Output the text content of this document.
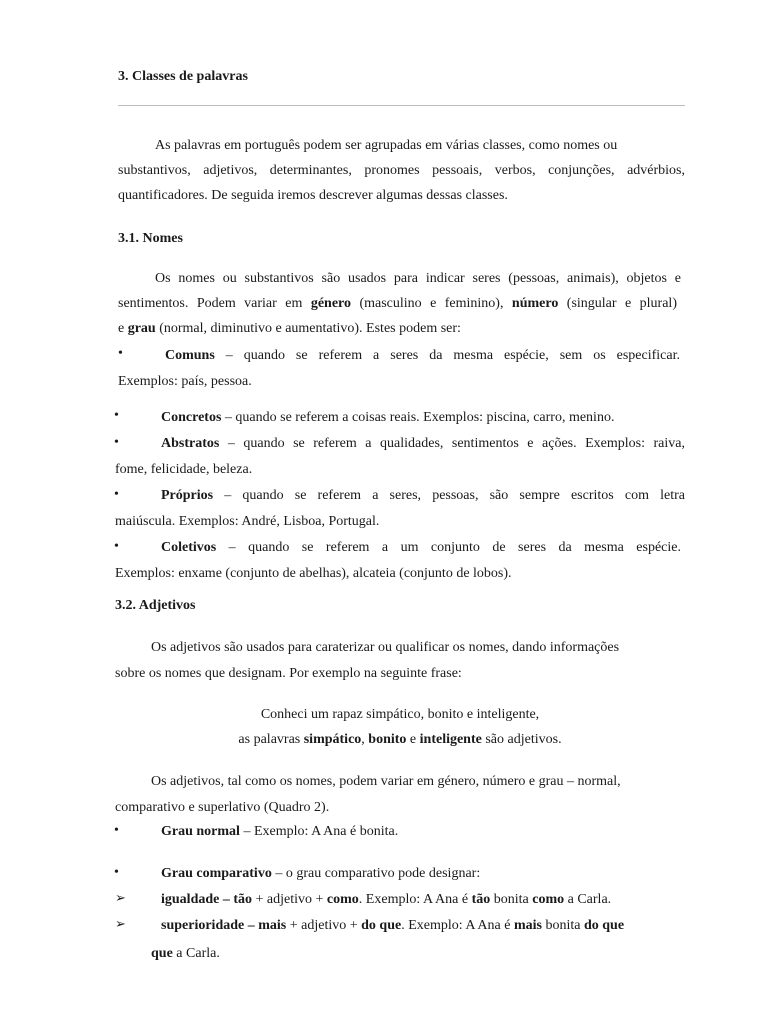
3. Classes de palavras
As palavras em português podem ser agrupadas em várias classes, como nomes ou
substantivos, adjetivos, determinantes, pronomes pessoais, verbos, conjunções, advérbios,
quantificadores. De seguida iremos descrever algumas dessas classes.
3.1. Nomes
Os nomes ou substantivos são usados para indicar seres (pessoas, animais), objetos e
sentimentos. Podem variar em género (masculino e feminino), número (singular e plural)
e grau (normal, diminutivo e aumentativo). Estes podem ser:
•	Comuns – quando se referem a seres da mesma espécie, sem os especificar.
Exemplos: país, pessoa.
•	Concretos – quando se referem a coisas reais. Exemplos: piscina, carro, menino.
•	Abstratos – quando se referem a qualidades, sentimentos e ações. Exemplos: raiva,
fome, felicidade, beleza.
•	Próprios – quando se referem a seres, pessoas, são sempre escritos com letra
maiúscula. Exemplos: André, Lisboa, Portugal.
•	Coletivos – quando se referem a um conjunto de seres da mesma espécie.
Exemplos: enxame (conjunto de abelhas), alcateia (conjunto de lobos).
3.2. Adjetivos
Os adjetivos são usados para caraterizar ou qualificar os nomes, dando informações
sobre os nomes que designam. Por exemplo na seguinte frase:
Conheci um rapaz simpático, bonito e inteligente,
as palavras simpático, bonito e inteligente são adjetivos.
Os adjetivos, tal como os nomes, podem variar em género, número e grau – normal,
comparativo e superlativo (Quadro 2).
•	Grau normal – Exemplo: A Ana é bonita.
•	Grau comparativo – o grau comparativo pode designar:
➢	igualdade – tão + adjetivo + como. Exemplo: A Ana é tão bonita como a Carla.
➢	superioridade – mais + adjetivo + do que. Exemplo: A Ana é mais bonita do que
que a Carla.
